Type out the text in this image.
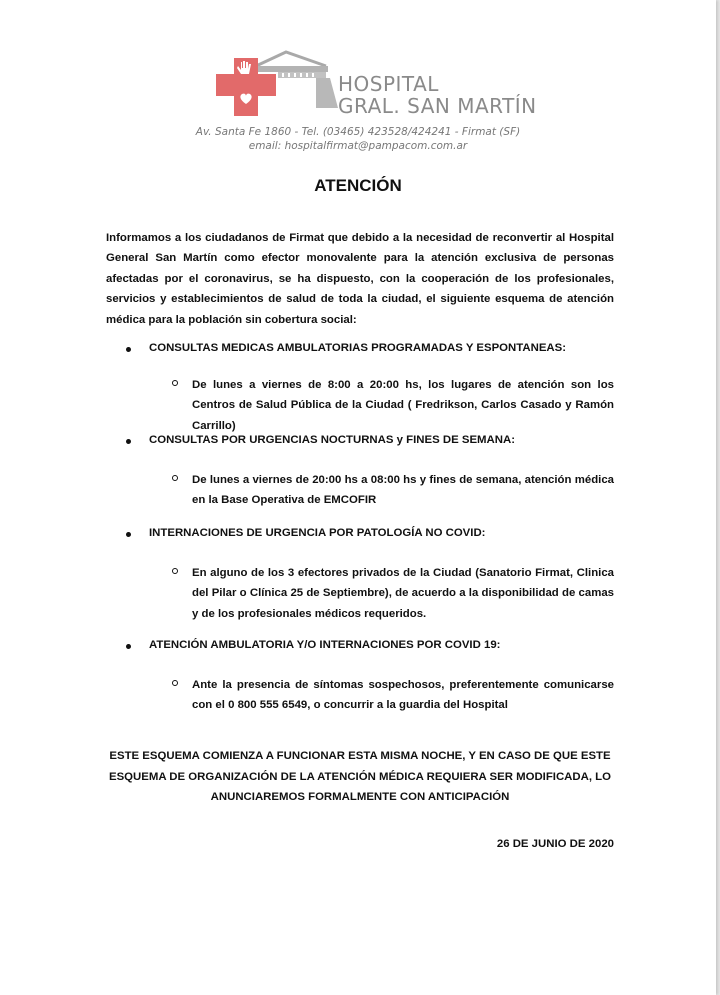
HOSPITAL
GRAL. SAN MARTÍN
Av. Santa Fe 1860 - Tel. (03465) 423528/424241 - Firmat (SF)
email: hospitalfirmat@pampacom.com.ar
ATENCIÓN

Informamos a los ciudadanos de Firmat que debido a la necesidad de reconvertir al Hospital General San Martín como efector monovalente para la atención exclusiva de personas afectadas por el coronavirus, se ha dispuesto, con la cooperación de los profesionales, servicios y establecimientos de salud de toda la ciudad, el siguiente esquema de atención médica para la población sin cobertura social:

CONSULTAS MEDICAS AMBULATORIAS PROGRAMADAS Y ESPONTANEAS:

De lunes a viernes de 8:00 a 20:00 hs, los lugares de atención son los Centros de Salud Pública de la Ciudad ( Fredrikson, Carlos Casado y Ramón Carrillo)

CONSULTAS POR URGENCIAS NOCTURNAS y FINES DE SEMANA:

De lunes a viernes de 20:00 hs a 08:00 hs y fines de semana, atención médica en la Base Operativa de EMCOFIR

INTERNACIONES DE URGENCIA POR PATOLOGÍA NO COVID:

En alguno de los 3 efectores privados de la Ciudad (Sanatorio Firmat, Clinica del Pilar o Clínica 25 de Septiembre), de acuerdo a la disponibilidad de camas y de los profesionales médicos requeridos.

ATENCIÓN AMBULATORIA Y/O INTERNACIONES POR COVID 19:

Ante la presencia de síntomas sospechosos, preferentemente comunicarse con el 0 800 555 6549, o concurrir a la guardia del Hospital

ESTE ESQUEMA COMIENZA A FUNCIONAR ESTA MISMA NOCHE, Y EN CASO DE QUE ESTE ESQUEMA DE ORGANIZACIÓN DE LA ATENCIÓN MÉDICA REQUIERA SER MODIFICADA, LO ANUNCIAREMOS FORMALMENTE CON ANTICIPACIÓN

26 DE JUNIO DE 2020
